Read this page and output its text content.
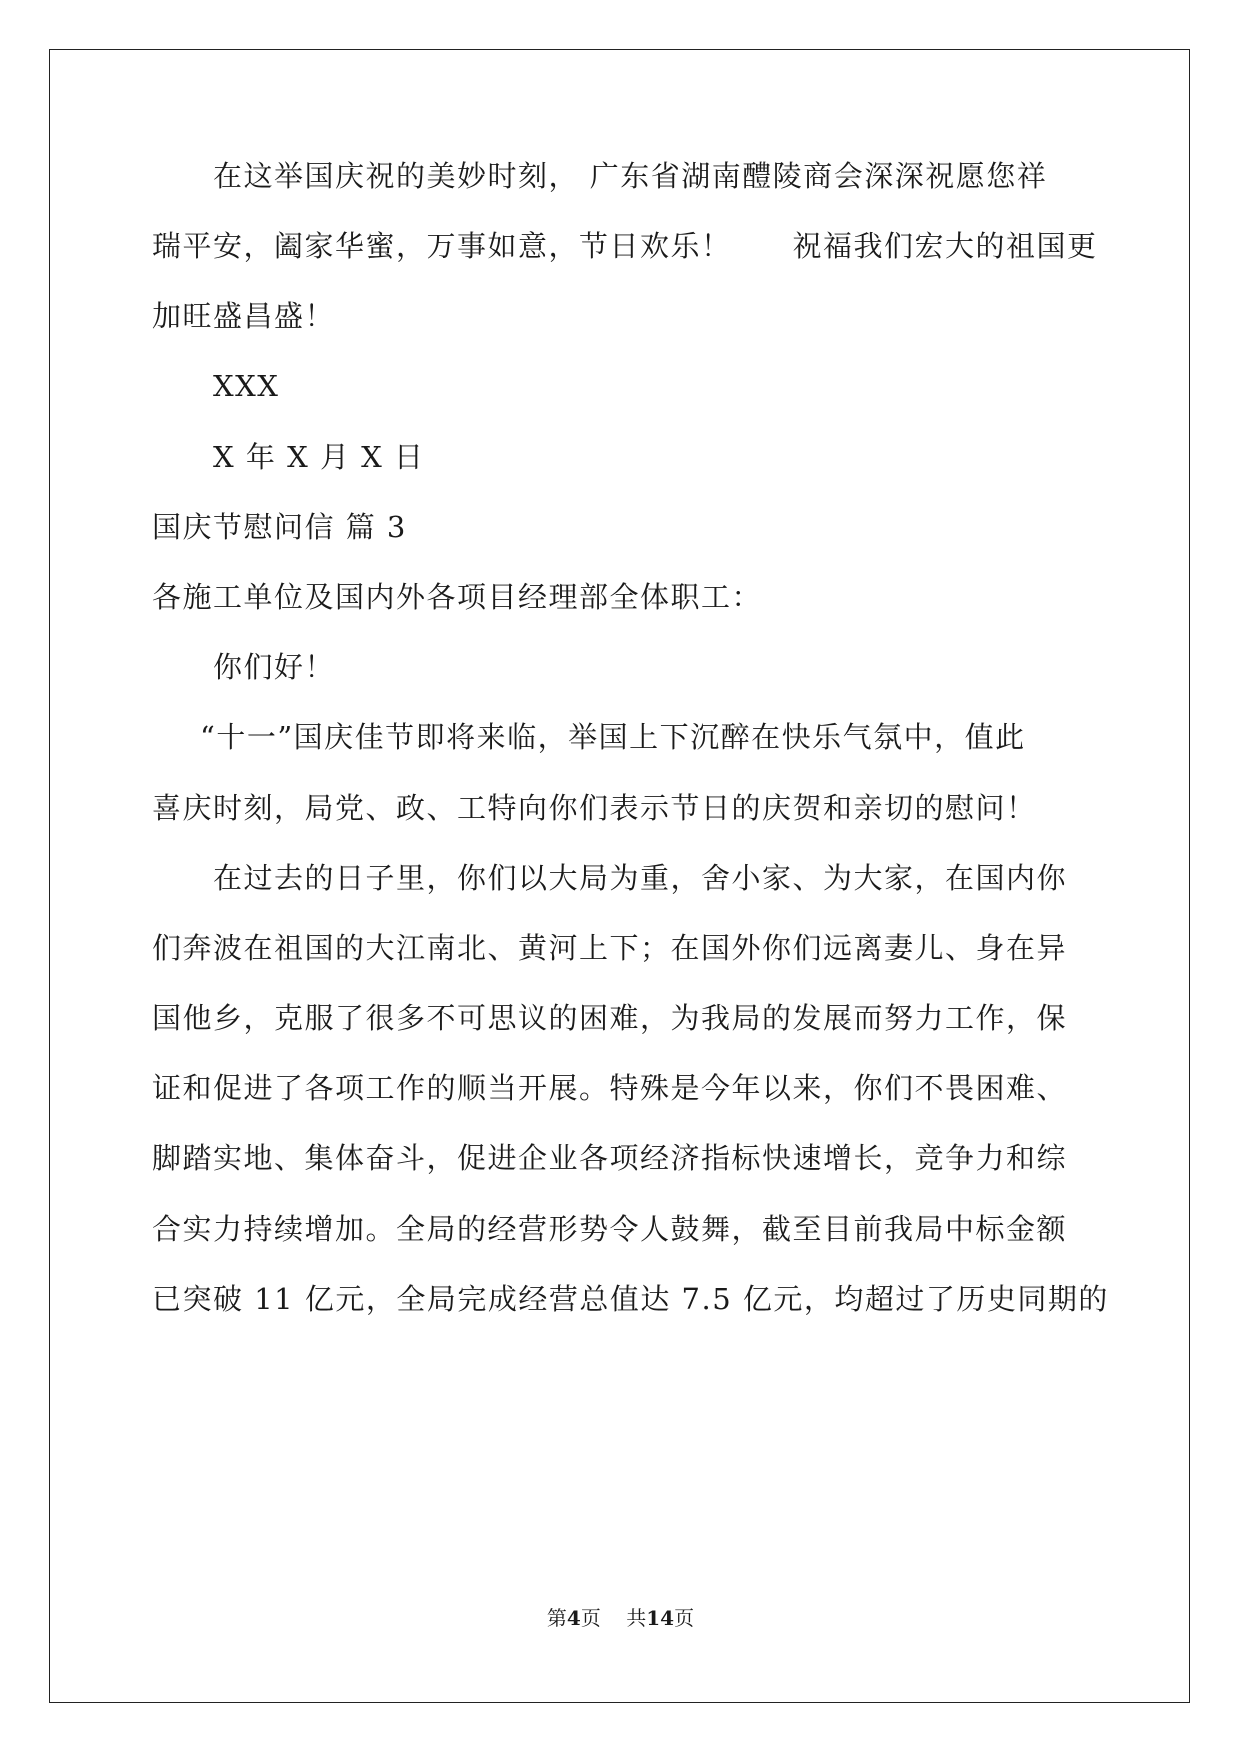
在这举国庆祝的美妙时刻， 广东省湖南醴陵商会深深祝愿您祥
瑞平安，阖家华蜜，万事如意，节日欢乐！　　祝福我们宏大的祖国更
加旺盛昌盛！
XXX
X 年 X 月 X 日
国庆节慰问信 篇 3
各施工单位及国内外各项目经理部全体职工：
你们好！
“十一”国庆佳节即将来临，举国上下沉醉在快乐气氛中，值此
喜庆时刻，局党、政、工特向你们表示节日的庆贺和亲切的慰问！
在过去的日子里，你们以大局为重，舍小家、为大家，在国内你
们奔波在祖国的大江南北、黄河上下；在国外你们远离妻儿、身在异
国他乡，克服了很多不可思议的困难，为我局的发展而努力工作，保
证和促进了各项工作的顺当开展。特殊是今年以来，你们不畏困难、
脚踏实地、集体奋斗，促进企业各项经济指标快速增长，竞争力和综
合实力持续增加。全局的经营形势令人鼓舞，截至目前我局中标金额
已突破 11 亿元，全局完成经营总值达 7.5 亿元，均超过了历史同期的
第4页 共14页
